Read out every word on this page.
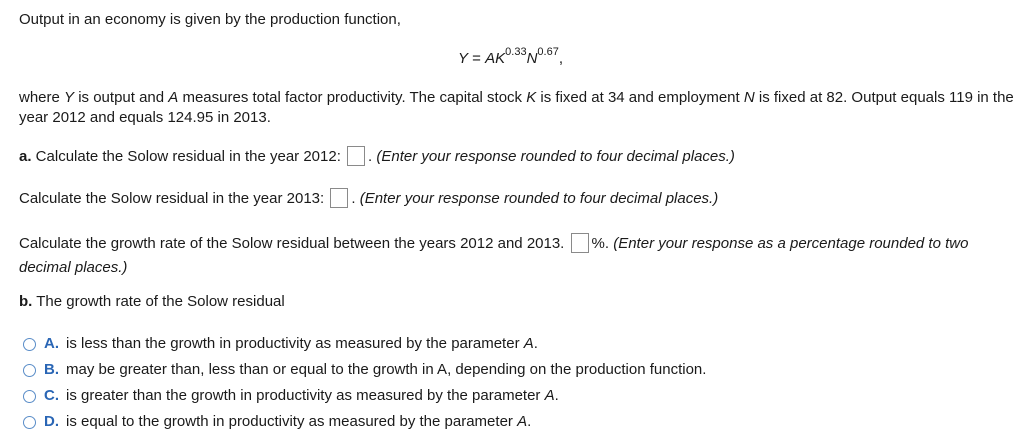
Output in an economy is given by the production function,
$Y = AK^{0.33}N^{0.67}$,
where Y is output and A measures total factor productivity. The capital stock K is fixed at 34 and employment N is fixed at 82. Output equals 119 in the year 2012 and equals 124.95 in 2013.
a. Calculate the Solow residual in the year 2012: . (Enter your response rounded to four decimal places.)
Calculate the Solow residual in the year 2013: . (Enter your response rounded to four decimal places.)
Calculate the growth rate of the Solow residual between the years 2012 and 2013. %. (Enter your response as a percentage rounded to two decimal places.)
b. The growth rate of the Solow residual
A. is less than the growth in productivity as measured by the parameter A.
B. may be greater than, less than or equal to the growth in A, depending on the production function.
C. is greater than the growth in productivity as measured by the parameter A.
D. is equal to the growth in productivity as measured by the parameter A.
